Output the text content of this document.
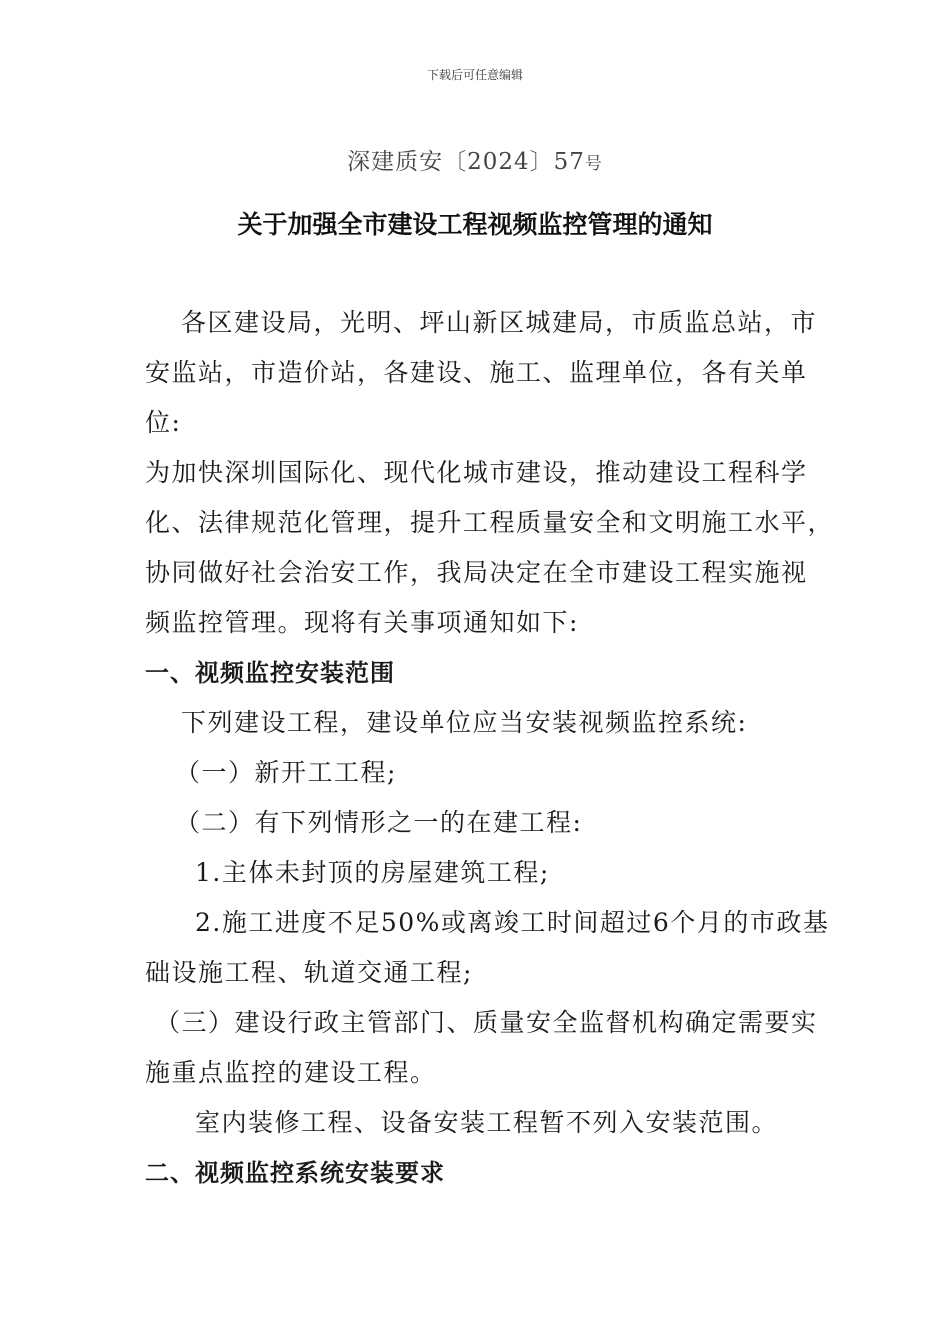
下载后可任意编辑
深建质安〔2024〕57号
关于加强全市建设工程视频监控管理的通知
各区建设局，光明、坪山新区城建局，市质监总站，市
安监站，市造价站，各建设、施工、监理单位，各有关单
位:
为加快深圳国际化、现代化城市建设，推动建设工程科学
化、法律规范化管理，提升工程质量安全和文明施工水平，
协同做好社会治安工作，我局决定在全市建设工程实施视
频监控管理。现将有关事项通知如下:
一、视频监控安装范围
下列建设工程，建设单位应当安装视频监控系统:
（一）新开工工程;
（二）有下列情形之一的在建工程:
1.主体未封顶的房屋建筑工程;
2.施工进度不足50%或离竣工时间超过6个月的市政基
础设施工程、轨道交通工程;
（三）建设行政主管部门、质量安全监督机构确定需要实
施重点监控的建设工程。
室内装修工程、设备安装工程暂不列入安装范围。
二、视频监控系统安装要求
